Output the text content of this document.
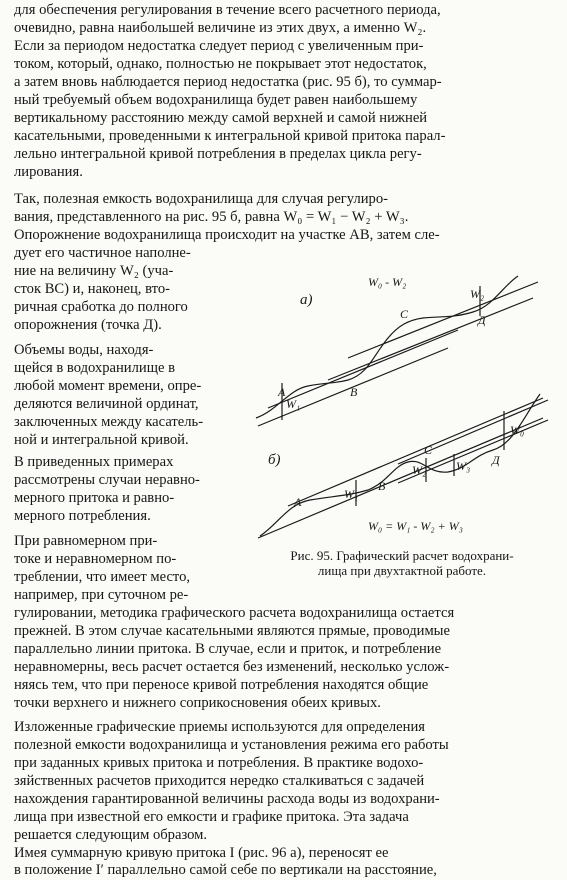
для обеспечения регулирования в течение всего расчетного периода,
очевидно, равна наибольшей величине из этих двух, а именно W₂.
Если за периодом недостатка следует период с увеличенным при-
током, который, однако, полностью не покрывает этот недостаток,
а затем вновь наблюдается период недостатка (рис. 95 б), то суммар-
ный требуемый объем водохранилища будет равен наибольшему
вертикальному расстоянию между самой верхней и самой нижней
касательными, проведенными к интегральной кривой притока парал-
лельно интегральной кривой потребления в пределах цикла регу-
лирования.
Так, полезная емкость водохранилища для случая регулиро-
вания, представленного на рис. 95 б, равна W₀ = W₁ − W₂ + W₃.
Опорожнение водохранилища происходит на участке АВ, затем сле-
дует его частичное наполне-
ние на величину W₂ (уча-
сток ВС) и, наконец, вто-
ричная сработка до полного
опорожнения (точка Д).
Объемы воды, находя-
щейся в водохранилище в
любой момент времени, опре-
деляются величиной ординат,
заключенных между касатель-
ной и интегральной кривой.
В приведенных примерах
рассмотрены случаи неравно-
мерного притока и равно-
мерного потребления.
При равномерном при-
токе и неравномерном по-
треблении, что имеет место,
например, при суточном ре-
а)
W₀ - W₂
А	В
С	Д
W₁
W₂
б)
W₀ = W₁ - W₂ + W₃
А
В
С
Д
W₁
W₂ W₃
W₀
Рис. 95. Графический расчет водохрани-
лища при двухтактной работе.
гулировании, методика графического расчета водохранилища остается
прежней. В этом случае касательными являются прямые, проводимые
параллельно линии притока. В случае, если и приток, и потребление
неравномерны, весь расчет остается без изменений, несколько услож-
няясь тем, что при переносе кривой потребления находятся общие
точки верхнего и нижнего соприкосновения обеих кривых.
Изложенные графические приемы используются для определения
полезной емкости водохранилища и установления режима его работы
при заданных кривых притока и потребления. В практике водохо-
зяйственных расчетов приходится нередко сталкиваться с задачей
нахождения гарантированной величины расхода воды из водохрани-
лища при известной его емкости и графике притока. Эта задача
решается следующим образом.
Имея суммарную кривую притока I (рис. 96 а), переносят ее
в положение I′ параллельно самой себе по вертикали на расстояние,
